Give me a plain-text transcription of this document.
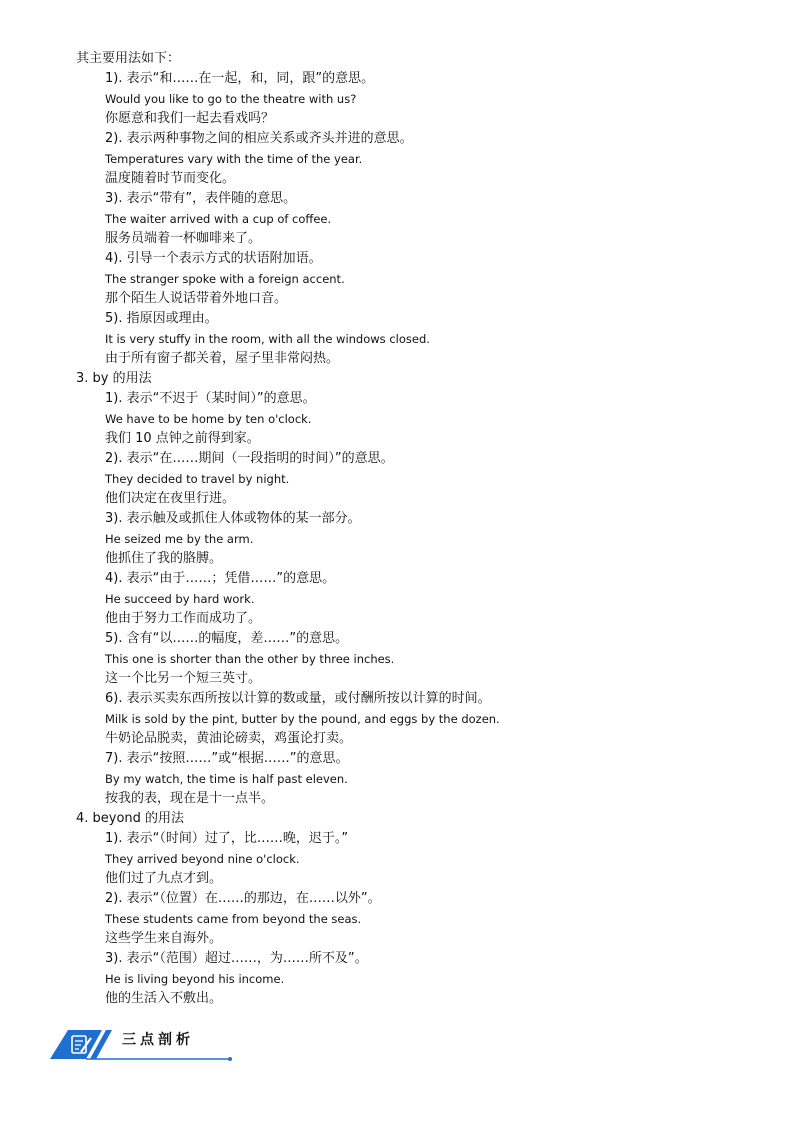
其主要用法如下：
1). 表示“和……在一起，和，同，跟”的意思。
Would you like to go to the theatre with us?
你愿意和我们一起去看戏吗？
2). 表示两种事物之间的相应关系或齐头并进的意思。
Temperatures vary with the time of the year.
温度随着时节而变化。
3). 表示“带有”，表伴随的意思。
The waiter arrived with a cup of coffee.
服务员端着一杯咖啡来了。
4). 引导一个表示方式的状语附加语。
The stranger spoke with a foreign accent.
那个陌生人说话带着外地口音。
5). 指原因或理由。
It is very stuffy in the room, with all the windows closed.
由于所有窗子都关着，屋子里非常闷热。
3. by 的用法
1). 表示“不迟于（某时间）”的意思。
We have to be home by ten o'clock.
我们 10 点钟之前得到家。
2). 表示“在……期间（一段指明的时间）”的意思。
They decided to travel by night.
他们决定在夜里行进。
3). 表示触及或抓住人体或物体的某一部分。
He seized me by the arm.
他抓住了我的胳膊。
4). 表示“由于……；凭借……”的意思。
He succeed by hard work.
他由于努力工作而成功了。
5). 含有“以……的幅度，差……”的意思。
This one is shorter than the other by three inches.
这一个比另一个短三英寸。
6). 表示买卖东西所按以计算的数或量，或付酬所按以计算的时间。
Milk is sold by the pint, butter by the pound, and eggs by the dozen.
牛奶论品脱卖，黄油论磅卖，鸡蛋论打卖。
7). 表示“按照……”或“根据……”的意思。
By my watch, the time is half past eleven.
按我的表，现在是十一点半。
4. beyond 的用法
1). 表示“（时间）过了，比……晚，迟于。”
They arrived beyond nine o'clock.
他们过了九点才到。
2). 表示“（位置）在……的那边，在……以外”。
These students came from beyond the seas.
这些学生来自海外。
3). 表示“（范围）超过……，为……所不及”。
He is living beyond his income.
他的生活入不敷出。
三点剖析
